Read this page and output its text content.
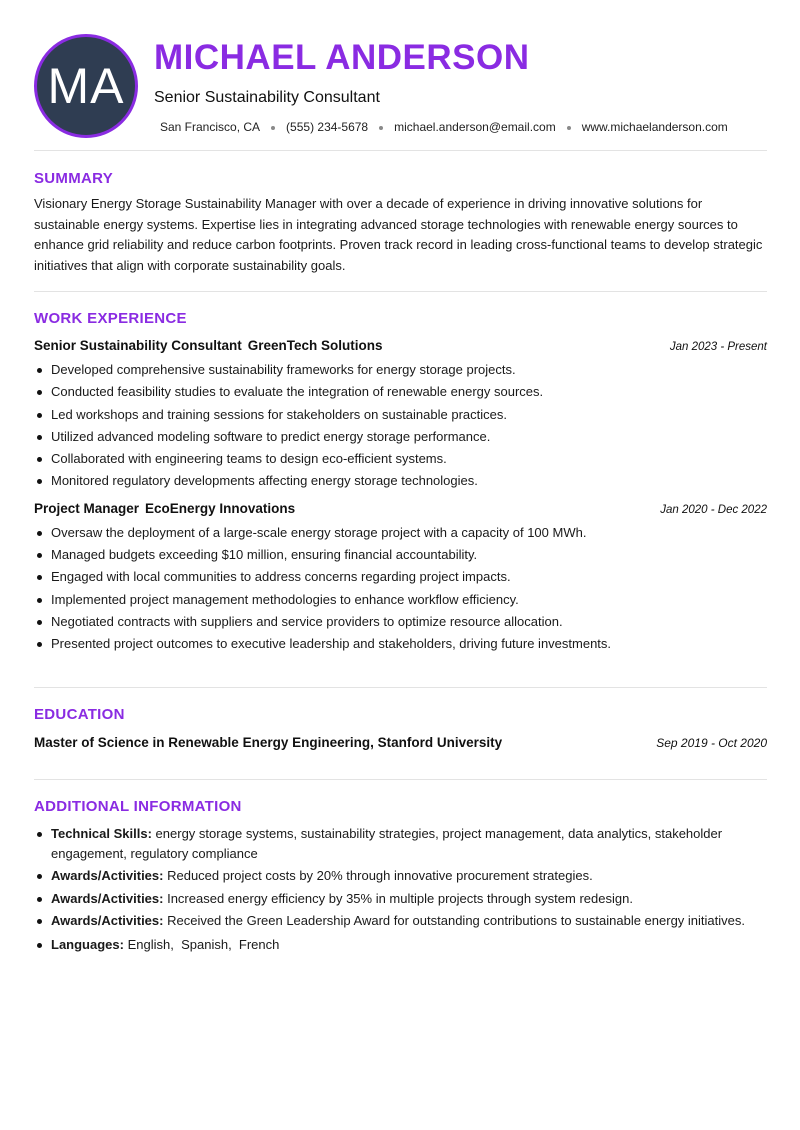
MA
MICHAEL ANDERSON
Senior Sustainability Consultant
San Francisco, CA (555) 234-5678 michael.anderson@email.com www.michaelanderson.com
SUMMARY
Visionary Energy Storage Sustainability Manager with over a decade of experience in driving innovative solutions for sustainable energy systems. Expertise lies in integrating advanced storage technologies with renewable energy sources to enhance grid reliability and reduce carbon footprints. Proven track record in leading cross-functional teams to develop strategic initiatives that align with corporate sustainability goals.
WORK EXPERIENCE
Senior Sustainability Consultant GreenTech Solutions	Jan 2023 - Present
Developed comprehensive sustainability frameworks for energy storage projects.
Conducted feasibility studies to evaluate the integration of renewable energy sources.
Led workshops and training sessions for stakeholders on sustainable practices.
Utilized advanced modeling software to predict energy storage performance.
Collaborated with engineering teams to design eco-efficient systems.
Monitored regulatory developments affecting energy storage technologies.
Project Manager EcoEnergy Innovations	Jan 2020 - Dec 2022
Oversaw the deployment of a large-scale energy storage project with a capacity of 100 MWh.
Managed budgets exceeding $10 million, ensuring financial accountability.
Engaged with local communities to address concerns regarding project impacts.
Implemented project management methodologies to enhance workflow efficiency.
Negotiated contracts with suppliers and service providers to optimize resource allocation.
Presented project outcomes to executive leadership and stakeholders, driving future investments.
EDUCATION
Master of Science in Renewable Energy Engineering, Stanford University	Sep 2019 - Oct 2020
ADDITIONAL INFORMATION
Technical Skills: energy storage systems, sustainability strategies, project management, data analytics, stakeholder engagement, regulatory compliance
Awards/Activities: Reduced project costs by 20% through innovative procurement strategies.
Awards/Activities: Increased energy efficiency by 35% in multiple projects through system redesign.
Awards/Activities: Received the Green Leadership Award for outstanding contributions to sustainable energy initiatives.
Languages: English,  Spanish,  French
